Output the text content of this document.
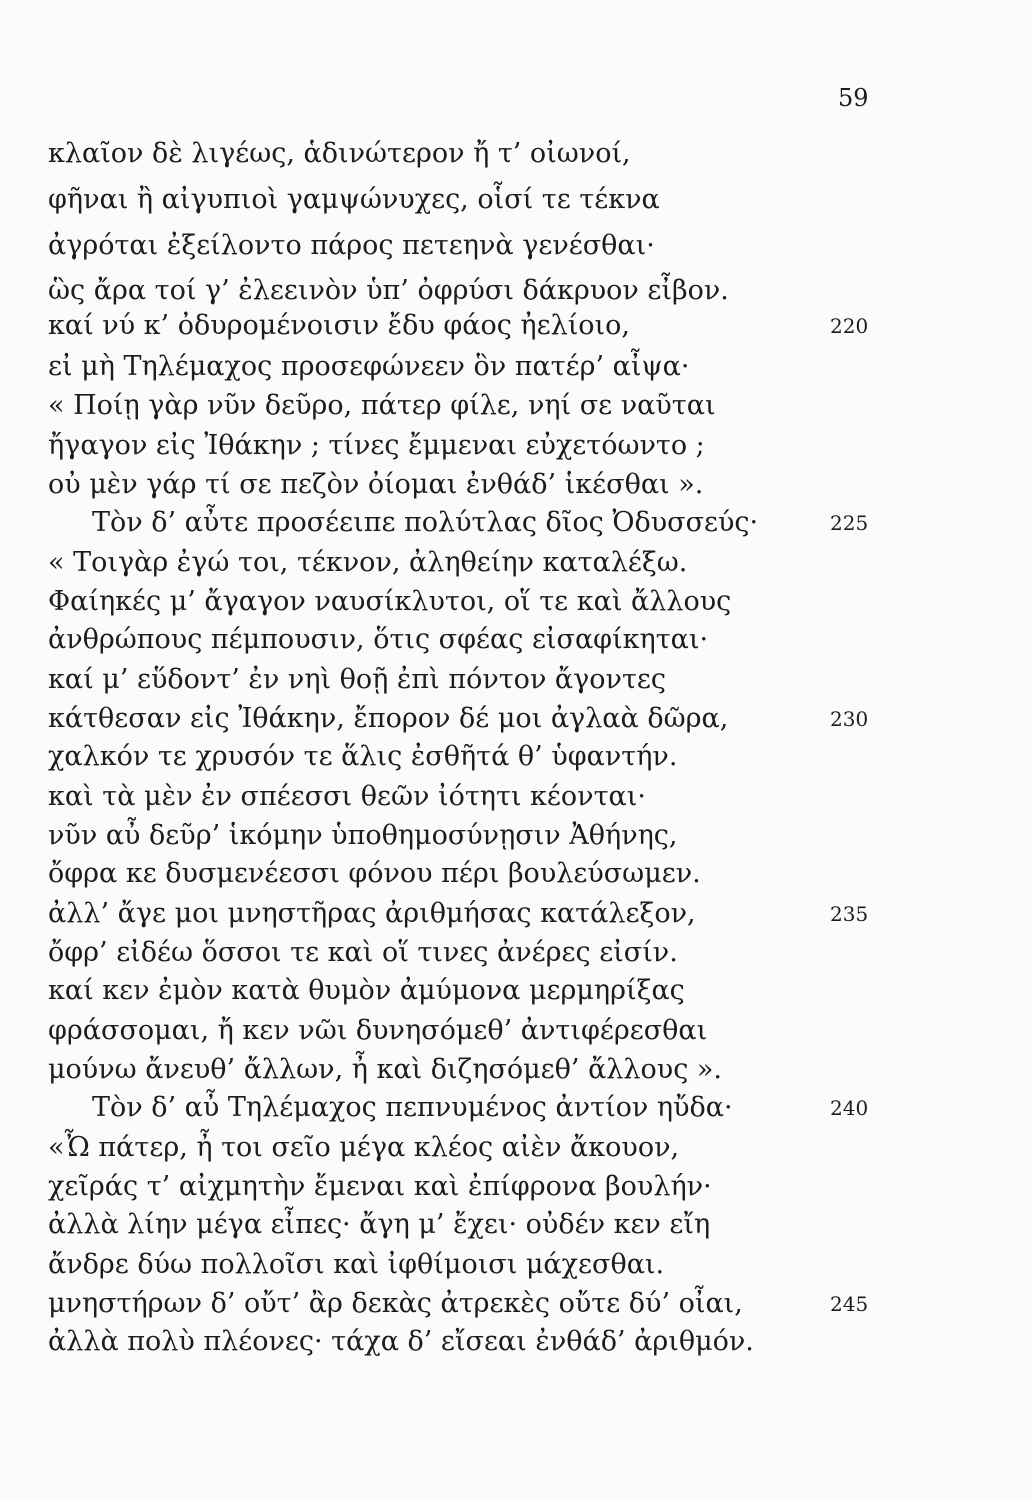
59

κλαῖον δὲ λιγέως, ἁδινώτερον ἤ τ’ οἰωνοί,

φῆναι ἢ αἰγυπιοὶ γαμψώνυχες, οἷσί τε τέκνα

ἀγρόται ἐξείλοντο πάρος πετεηνὰ γενέσθαι·

ὣς ἄρα τοί γ’ ἐλεεινὸν ὑπ’ ὀφρύσι δάκρυον εἶβον.

καί νύ κ’ ὀδυρομένοισιν ἔδυ φάος ἠελίοιο,

εἰ μὴ Τηλέμαχος προσεφώνεεν ὃν πατέρ’ αἶψα·

« Ποίῃ γὰρ νῦν δεῦρο, πάτερ φίλε, νηί σε ναῦται

ἤγαγον εἰς Ἰθάκην ; τίνες ἔμμεναι εὐχετόωντο ;

οὐ μὲν γάρ τί σε πεζὸν ὀίομαι ἐνθάδ’ ἱκέσθαι ».

Τὸν δ’ αὖτε προσέειπε πολύτλας δῖος Ὀδυσσεύς·

« Τοιγὰρ ἐγώ τοι, τέκνον, ἀληθείην καταλέξω.

Φαίηκές μ’ ἄγαγον ναυσίκλυτοι, οἵ τε καὶ ἄλλους

ἀνθρώπους πέμπουσιν, ὅτις σφέας εἰσαφίκηται·

καί μ’ εὕδοντ’ ἐν νηὶ θοῇ ἐπὶ πόντον ἄγοντες

κάτθεσαν εἰς Ἰθάκην, ἔπορον δέ μοι ἀγλαὰ δῶρα,

χαλκόν τε χρυσόν τε ἅλις ἐσθῆτά θ’ ὑφαντήν.

καὶ τὰ μὲν ἐν σπέεσσι θεῶν ἰότητι κέονται·

νῦν αὖ δεῦρ’ ἱκόμην ὑποθημοσύνῃσιν Ἀθήνης,

ὄφρα κε δυσμενέεσσι φόνου πέρι βουλεύσωμεν.

ἀλλ’ ἄγε μοι μνηστῆρας ἀριθμήσας κατάλεξον,

ὄφρ’ εἰδέω ὅσσοι τε καὶ οἵ τινες ἀνέρες εἰσίν.

καί κεν ἐμὸν κατὰ θυμὸν ἀμύμονα μερμηρίξας

φράσσομαι, ἤ κεν νῶι δυνησόμεθ’ ἀντιφέρεσθαι

μούνω ἄνευθ’ ἄλλων, ἦ καὶ διζησόμεθ’ ἄλλους ».

Τὸν δ’ αὖ Τηλέμαχος πεπνυμένος ἀντίον ηὔδα·

«Ὦ πάτερ, ἦ τοι σεῖο μέγα κλέος αἰὲν ἄκουον,

χεῖράς τ’ αἰχμητὴν ἔμεναι καὶ ἐπίφρονα βουλήν·

ἀλλὰ λίην μέγα εἶπες· ἄγη μ’ ἔχει· οὐδέν κεν εἴη

ἄνδρε δύω πολλοῖσι καὶ ἰφθίμοισι μάχεσθαι.

μνηστήρων δ’ οὔτ’ ἂρ δεκὰς ἀτρεκὲς οὔτε δύ’ οἶαι,

ἀλλὰ πολὺ πλέονες· τάχα δ’ εἴσεαι ἐνθάδ’ ἀριθμόν.

220
225
230
235
240
245
